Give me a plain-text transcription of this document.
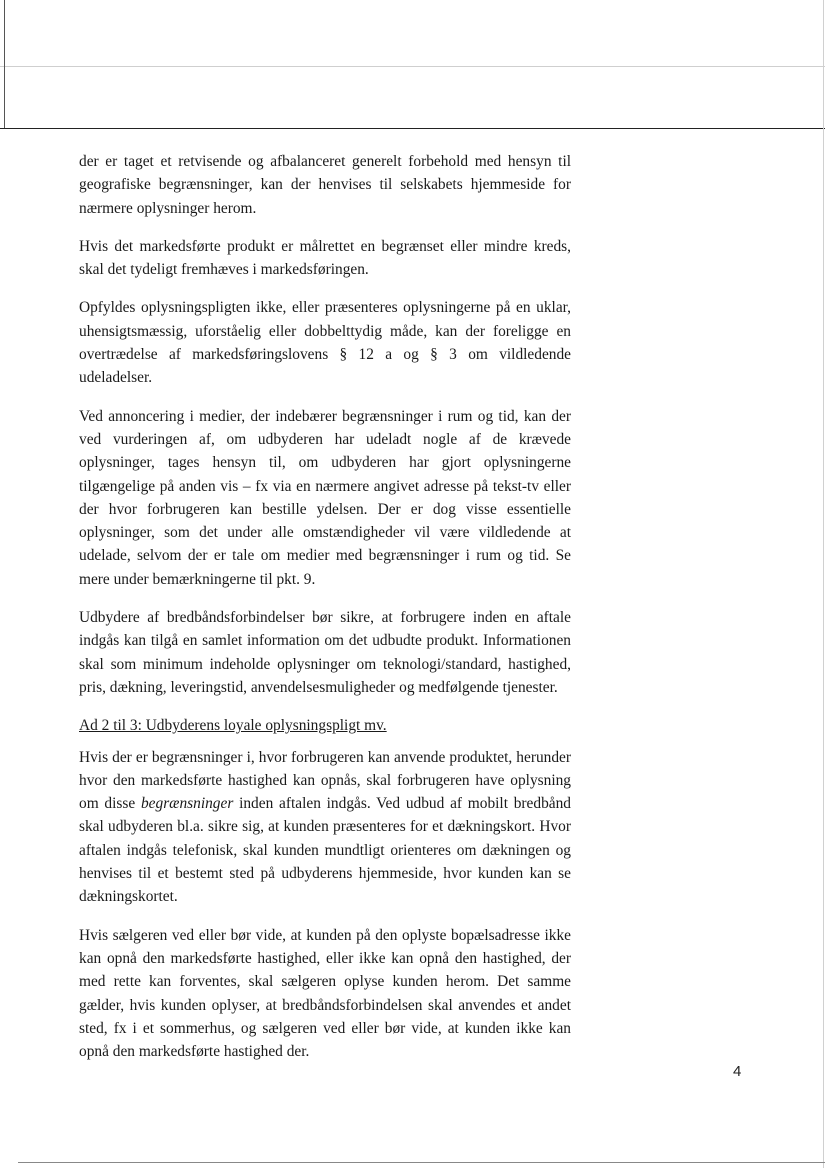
der er taget et retvisende og afbalanceret generelt forbehold med hensyn til geografiske begrænsninger, kan der henvises til selskabets hjemmeside for nærmere oplysninger herom.

Hvis det markedsførte produkt er målrettet en begrænset eller mindre kreds, skal det tydeligt fremhæves i markedsføringen.

Opfyldes oplysningspligten ikke, eller præsenteres oplysningerne på en uklar, uhensigtsmæssig, uforståelig eller dobbelttydig måde, kan der foreligge en overtrædelse af markedsføringslovens § 12 a og § 3 om vildledende udeladelser.

Ved annoncering i medier, der indebærer begrænsninger i rum og tid, kan der ved vurderingen af, om udbyderen har udeladt nogle af de krævede oplysninger, tages hensyn til, om udbyderen har gjort oplysningerne tilgængelige på anden vis – fx via en nærmere angivet adresse på tekst-tv eller der hvor forbrugeren kan bestille ydelsen. Der er dog visse essentielle oplysninger, som det under alle omstændigheder vil være vildledende at udelade, selvom der er tale om medier med begrænsninger i rum og tid. Se mere under bemærkningerne til pkt. 9.

Udbydere af bredbåndsforbindelser bør sikre, at forbrugere inden en aftale indgås kan tilgå en samlet information om det udbudte produkt. Informationen skal som minimum indeholde oplysninger om teknologi/standard, hastighed, pris, dækning, leveringstid, anvendelsesmuligheder og medfølgende tjenester.

Ad 2 til 3: Udbyderens loyale oplysningspligt mv.

Hvis der er begrænsninger i, hvor forbrugeren kan anvende produktet, herunder hvor den markedsførte hastighed kan opnås, skal forbrugeren have oplysning om disse begrænsninger inden aftalen indgås. Ved udbud af mobilt bredbånd skal udbyderen bl.a. sikre sig, at kunden præsenteres for et dækningskort. Hvor aftalen indgås telefonisk, skal kunden mundtligt orienteres om dækningen og henvises til et bestemt sted på udbyderens hjemmeside, hvor kunden kan se dækningskortet.

Hvis sælgeren ved eller bør vide, at kunden på den oplyste bopælsadresse ikke kan opnå den markedsførte hastighed, eller ikke kan opnå den hastighed, der med rette kan forventes, skal sælgeren oplyse kunden herom. Det samme gælder, hvis kunden oplyser, at bredbåndsforbindelsen skal anvendes et andet sted, fx i et sommerhus, og sælgeren ved eller bør vide, at kunden ikke kan opnå den markedsførte hastighed der.

4
